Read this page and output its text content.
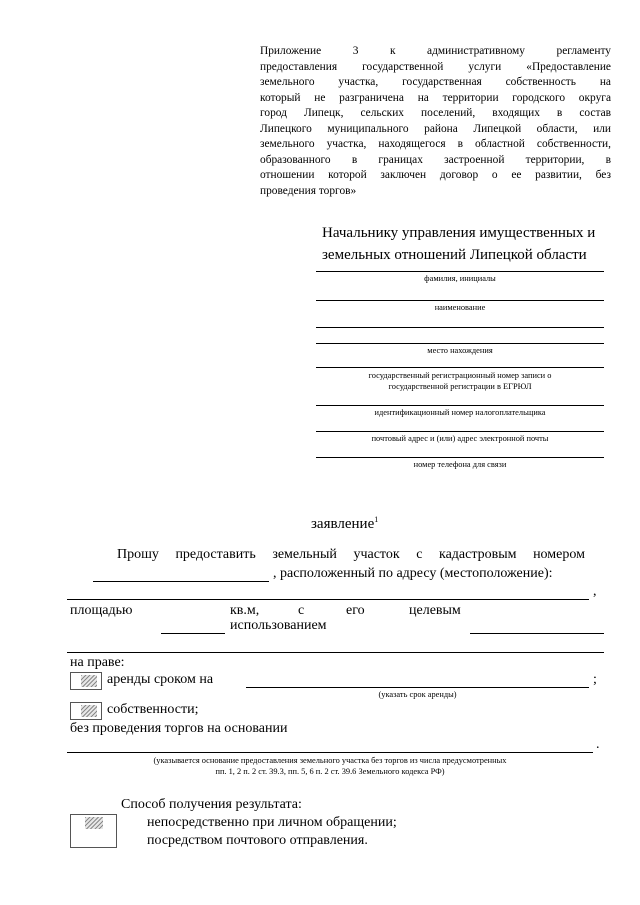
Приложение 3 к административному регламенту
предоставления государственной услуги «Предоставление
земельного участка, государственная собственность на
который не разграничена на территории городского округа
город Липецк, сельских поселений, входящих в состав
Липецкого муниципального района Липецкой области, или
земельного участка, находящегося в областной собственности,
образованного в границах застроенной территории, в
отношении которой заключен договор о ее развитии, без
проведения торгов»
Начальнику управления имущественных и
земельных отношений Липецкой области
фамилия, инициалы
наименование
место нахождения
государственный регистрационный номер записи о
государственной регистрации в ЕГРЮЛ
идентификационный номер налогоплательщика
почтовый адрес и (или) адрес электронной почты
номер телефона для связи
заявление$^1$
Прошу предоставить земельный участок с кадастровым номером
, расположенный по адресу (местоположение):
,
площадью	кв.м,	с	его	целевым
использованием
на праве:
аренды сроком на	;
(указать срок аренды)
собственности;
без проведения торгов на основании
.
(указывается основание предоставления земельного участка без торгов из числа предусмотренных
пп. 1, 2 п. 2 ст. 39.3, пп. 5, 6 п. 2 ст. 39.6 Земельного кодекса РФ)
Способ получения результата:
непосредственно при личном обращении;
посредством почтового отправления.
